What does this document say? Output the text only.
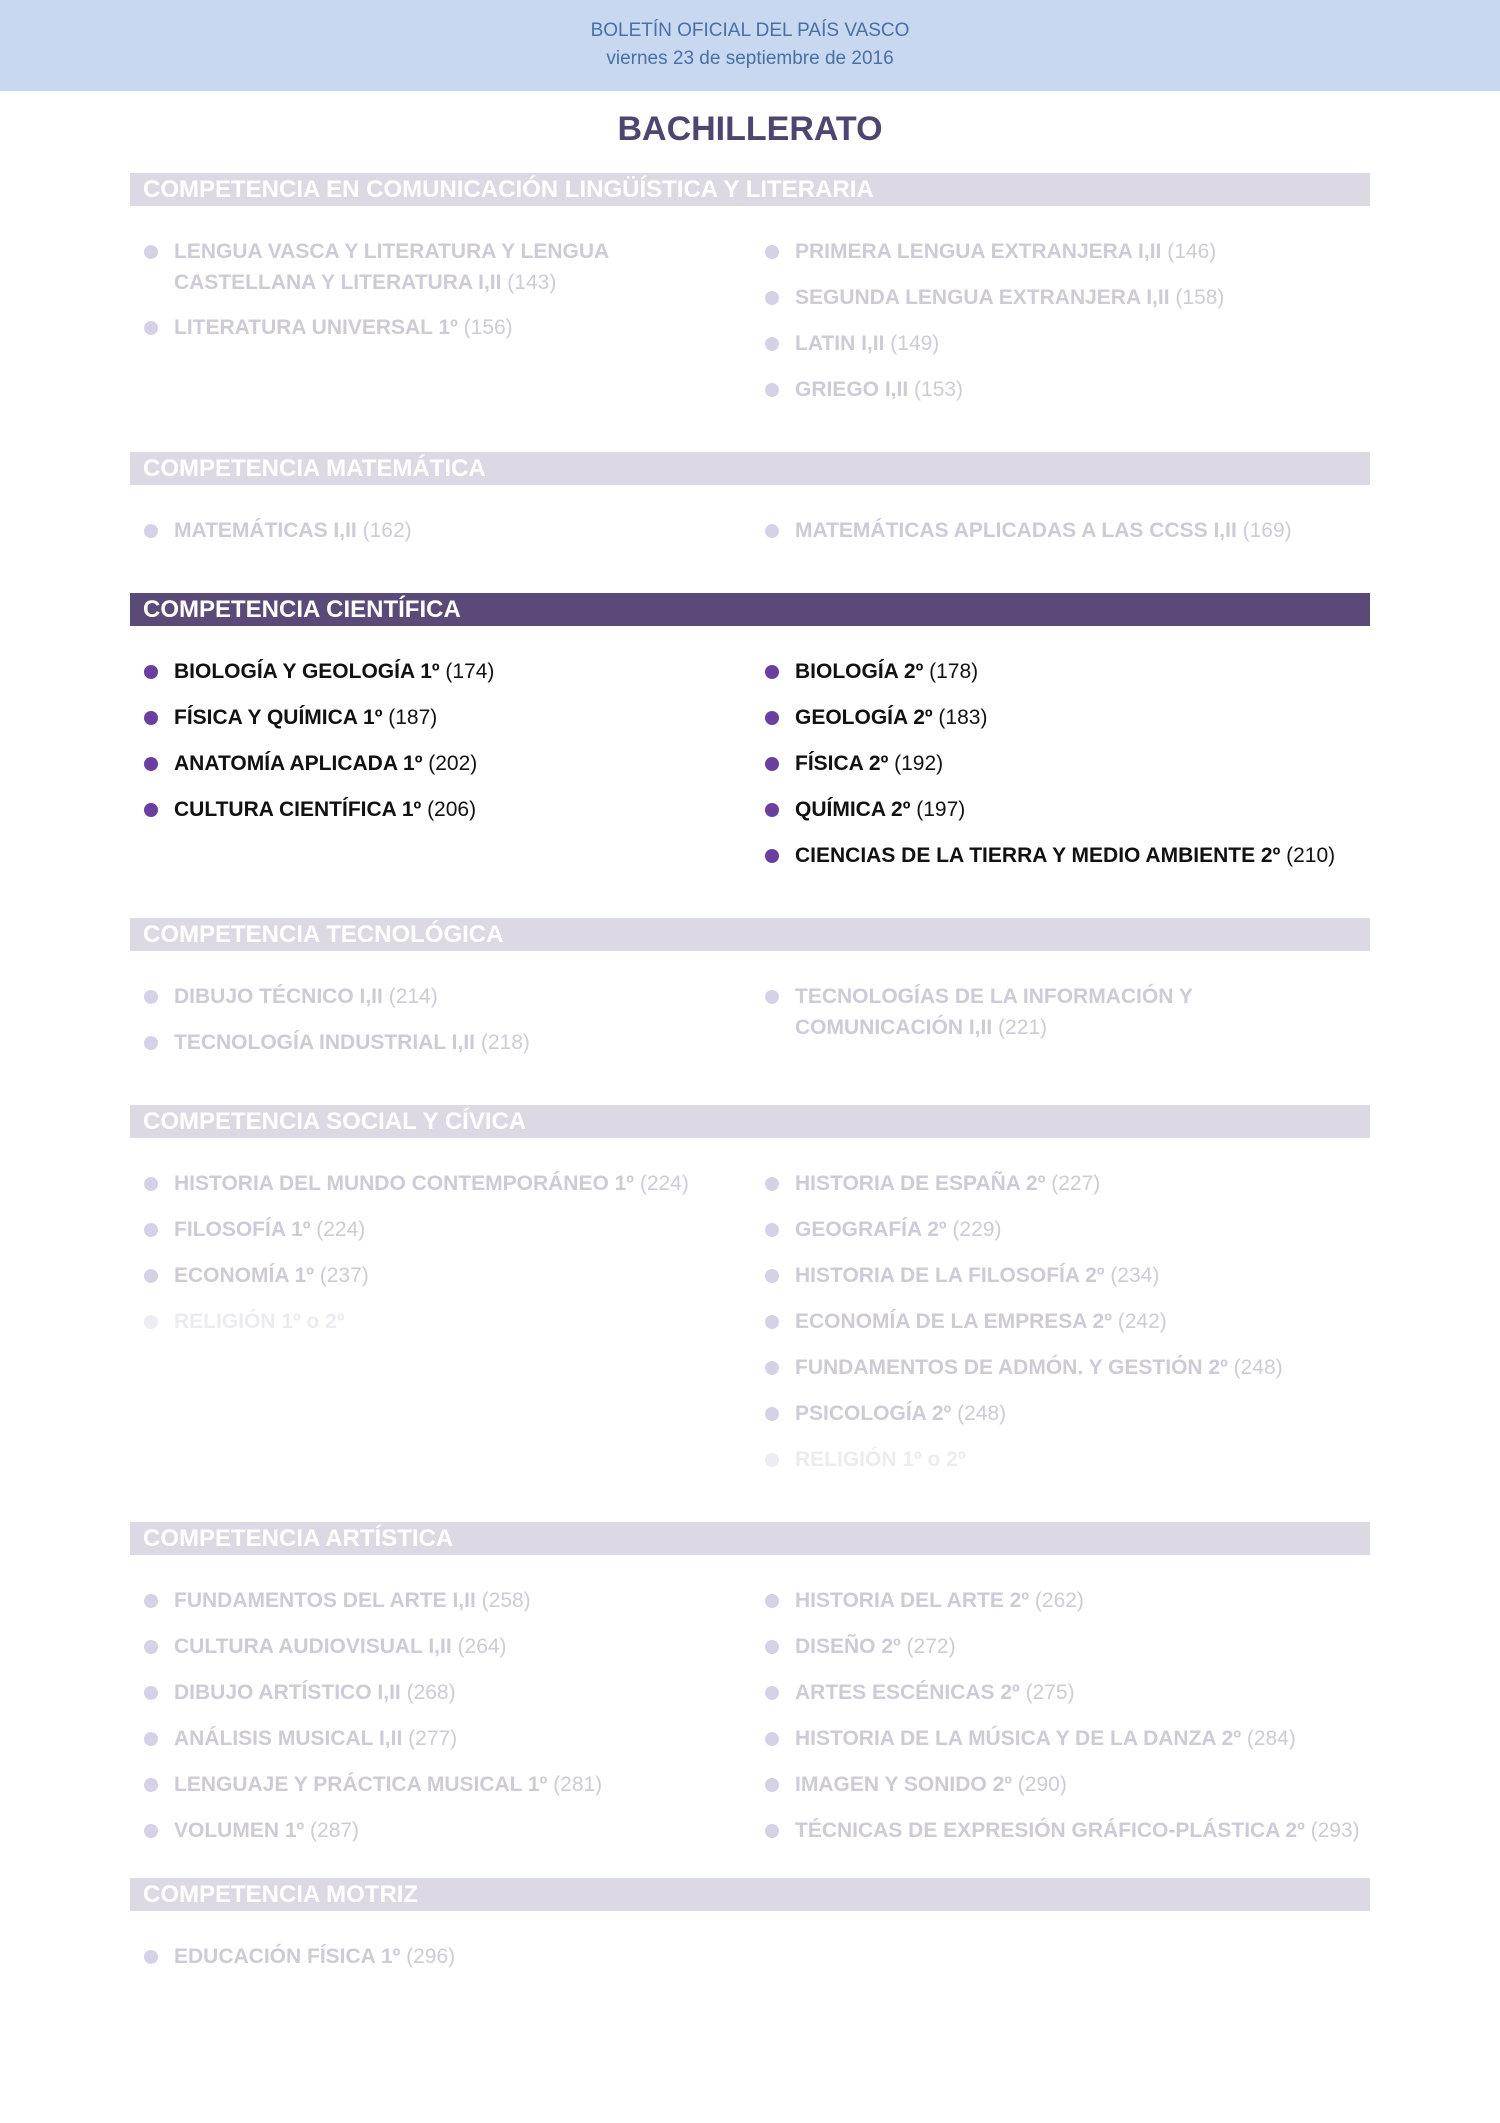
BOLETÍN OFICIAL DEL PAÍS VASCO
viernes 23 de septiembre de 2016
BACHILLERATO
COMPETENCIA EN COMUNICACIÓN LINGÜÍSTICA Y LITERARIA
LENGUA VASCA Y LITERATURA Y LENGUA
CASTELLANA Y LITERATURA I,II (143)
LITERATURA UNIVERSAL 1º (156)
PRIMERA LENGUA EXTRANJERA I,II (146)
SEGUNDA LENGUA EXTRANJERA I,II (158)
LATIN I,II (149)
GRIEGO I,II (153)
COMPETENCIA MATEMÁTICA
MATEMÁTICAS I,II (162)	MATEMÁTICAS APLICADAS A LAS CCSS I,II (169)
COMPETENCIA CIENTÍFICA
BIOLOGÍA Y GEOLOGÍA 1º (174)
FÍSICA Y QUÍMICA 1º (187)
ANATOMÍA APLICADA 1º (202)
CULTURA CIENTÍFICA 1º (206)
BIOLOGÍA 2º (178)
GEOLOGÍA 2º (183)
FÍSICA 2º (192)
QUÍMICA 2º (197)
CIENCIAS DE LA TIERRA Y MEDIO AMBIENTE 2º (210)
COMPETENCIA TECNOLÓGICA
DIBUJO TÉCNICO I,II (214)
TECNOLOGÍA INDUSTRIAL I,II (218)
TECNOLOGÍAS DE LA INFORMACIÓN Y
COMUNICACIÓN I,II (221)
COMPETENCIA SOCIAL Y CÍVICA
HISTORIA DEL MUNDO CONTEMPORÁNEO 1º (224)
FILOSOFÍA 1º (224)
ECONOMÍA 1º (237)
RELIGIÓN 1º o 2º
HISTORIA DE ESPAÑA 2º (227)
GEOGRAFÍA 2º (229)
HISTORIA DE LA FILOSOFÍA 2º (234)
ECONOMÍA DE LA EMPRESA 2º (242)
FUNDAMENTOS DE ADMÓN. Y GESTIÓN 2º (248)
PSICOLOGÍA 2º (248)
RELIGIÓN 1º o 2º
COMPETENCIA ARTÍSTICA
FUNDAMENTOS DEL ARTE I,II (258)
CULTURA AUDIOVISUAL I,II (264)
DIBUJO ARTÍSTICO I,II (268)
ANÁLISIS MUSICAL I,II (277)
LENGUAJE Y PRÁCTICA MUSICAL 1º (281)
VOLUMEN 1º (287)
HISTORIA DEL ARTE 2º (262)
DISEÑO 2º (272)
ARTES ESCÉNICAS 2º (275)
HISTORIA DE LA MÚSICA Y DE LA DANZA 2º (284)
IMAGEN Y SONIDO 2º (290)
TÉCNICAS DE EXPRESIÓN GRÁFICO-PLÁSTICA 2º (293)
COMPETENCIA MOTRIZ
EDUCACIÓN FÍSICA 1º (296)
